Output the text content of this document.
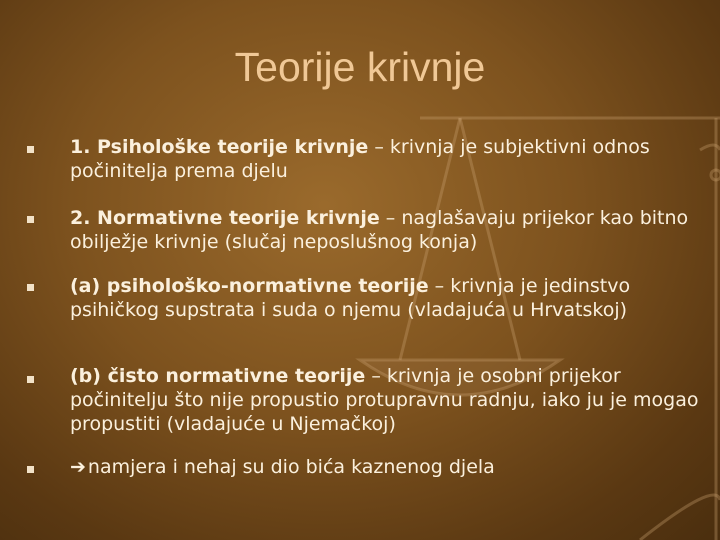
Teorije krivnje
1. Psihološke teorije krivnje – krivnja je subjektivni odnos počinitelja prema djelu
2. Normativne teorije krivnje – naglašavaju prijekor kao bitno obilježje krivnje (slučaj neposlušnog konja)
(a) psihološko-normativne teorije – krivnja je jedinstvo psihičkog supstrata i suda o njemu (vladajuća u Hrvatskoj)
(b) čisto normativne teorije – krivnja je osobni prijekor počinitelju što nije propustio protupravnu radnju, iako ju je mogao propustiti (vladajuće u Njemačkoj)
➔ namjera i nehaj su dio bića kaznenog djela
